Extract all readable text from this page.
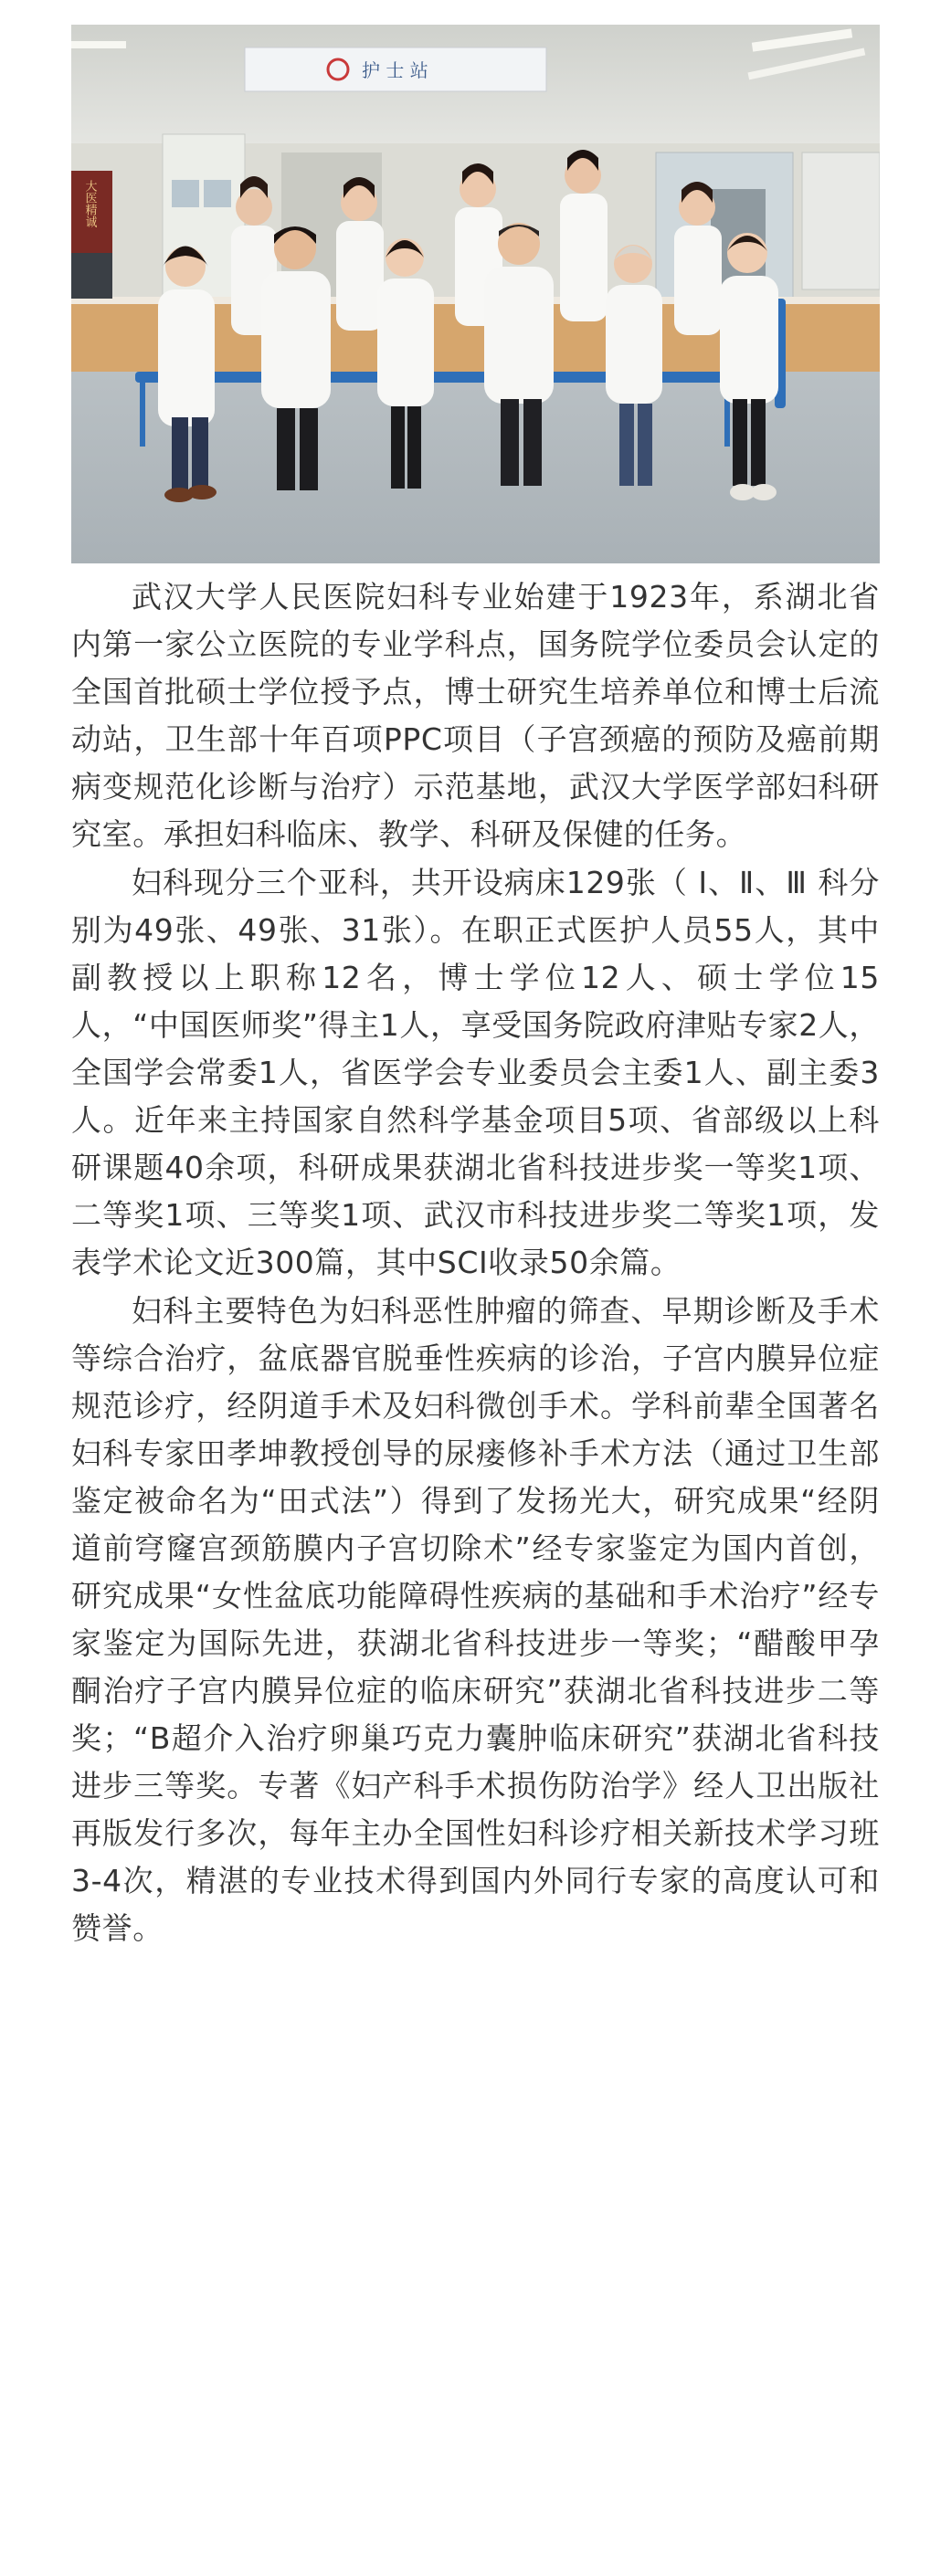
护 士 站
大医精诚

武汉大学人民医院妇科专业始建于1923年，系湖北省内第一家公立医院的专业学科点，国务院学位委员会认定的全国首批硕士学位授予点，博士研究生培养单位和博士后流动站，卫生部十年百项PPC项目（子宫颈癌的预防及癌前期病变规范化诊断与治疗）示范基地，武汉大学医学部妇科研究室。承担妇科临床、教学、科研及保健的任务。

妇科现分三个亚科，共开设病床129张（ Ⅰ、Ⅱ、Ⅲ 科分别为49张、49张、31张）。在职正式医护人员55人，其中副教授以上职称12名，博士学位12人、硕士学位15人，“中国医师奖”得主1人，享受国务院政府津贴专家2人，全国学会常委1人，省医学会专业委员会主委1人、副主委3人。近年来主持国家自然科学基金项目5项、省部级以上科研课题40余项，科研成果获湖北省科技进步奖一等奖1项、二等奖1项、三等奖1项、武汉市科技进步奖二等奖1项，发表学术论文近300篇，其中SCI收录50余篇。

妇科主要特色为妇科恶性肿瘤的筛查、早期诊断及手术等综合治疗，盆底器官脱垂性疾病的诊治，子宫内膜异位症规范诊疗，经阴道手术及妇科微创手术。学科前辈全国著名妇科专家田孝坤教授创导的尿瘘修补手术方法（通过卫生部鉴定被命名为“田式法”）得到了发扬光大，研究成果“经阴道前穹窿宫颈筋膜内子宫切除术”经专家鉴定为国内首创，研究成果“女性盆底功能障碍性疾病的基础和手术治疗”经专家鉴定为国际先进，获湖北省科技进步一等奖；“醋酸甲孕酮治疗子宫内膜异位症的临床研究”获湖北省科技进步二等奖；“B超介入治疗卵巢巧克力囊肿临床研究”获湖北省科技进步三等奖。专著《妇产科手术损伤防治学》经人卫出版社再版发行多次，每年主办全国性妇科诊疗相关新技术学习班3-4次，精湛的专业技术得到国内外同行专家的高度认可和赞誉。
